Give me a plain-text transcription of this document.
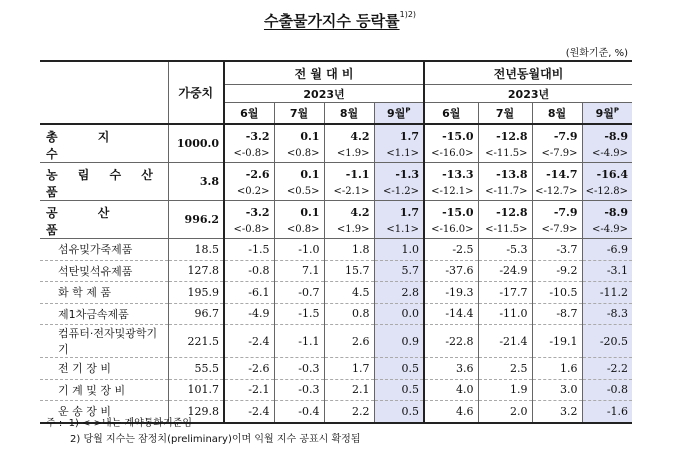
수출물가지수 등락률$^{1)2)}$
(원화기준, %)
	가중치	전 월 대 비				전년동월대비			
		2023년				2023년			
		6월	7월	8월	9월$^P$	6월	7월	8월	9월$^P$
총 지 수	1000.0	-3.2	0.1	4.2	1.7	-15.0	-12.8	-7.9	-8.9
		<-0.8>	<0.8>	<1.9>	<1.1>	<-16.0>	<-11.5>	<-7.9>	<-4.9>
농 림 수 산 품	3.8	-2.6	0.1	-1.1	-1.3	-13.3	-13.8	-14.7	-16.4
		<0.2>	<0.5>	<-2.1>	<-1.2>	<-12.1>	<-11.7>	<-12.7>	<-12.8>
공 산 품	996.2	-3.2	0.1	4.2	1.7	-15.0	-12.8	-7.9	-8.9
		<-0.8>	<0.8>	<1.9>	<1.1>	<-16.0>	<-11.5>	<-7.9>	<-4.9>
섬유및가죽제품	18.5	-1.5	-1.0	1.8	1.0	-2.5	-5.3	-3.7	-6.9
석탄및석유제품	127.8	-0.8	7.1	15.7	5.7	-37.6	-24.9	-9.2	-3.1
화 학 제 품	195.9	-6.1	-0.7	4.5	2.8	-19.3	-17.7	-10.5	-11.2
제1차금속제품	96.7	-4.9	-1.5	0.8	0.0	-14.4	-11.0	-8.7	-8.3
컴퓨터·전자및광학기기	221.5	-2.4	-1.1	2.6	0.9	-22.8	-21.4	-19.1	-20.5
전 기 장 비	55.5	-2.6	-0.3	1.7	0.5	3.6	2.5	1.6	-2.2
기 계 및 장 비	101.7	-2.1	-0.3	2.1	0.5	4.0	1.9	3.0	-0.8
운 송 장 비	129.8	-2.4	-0.4	2.2	0.5	4.6	2.0	3.2	-1.6
주 : 1) < >내는 계약통화기준임
2) 당월 지수는 잠정치(preliminary)이며 익월 지수 공표시 확정됨
